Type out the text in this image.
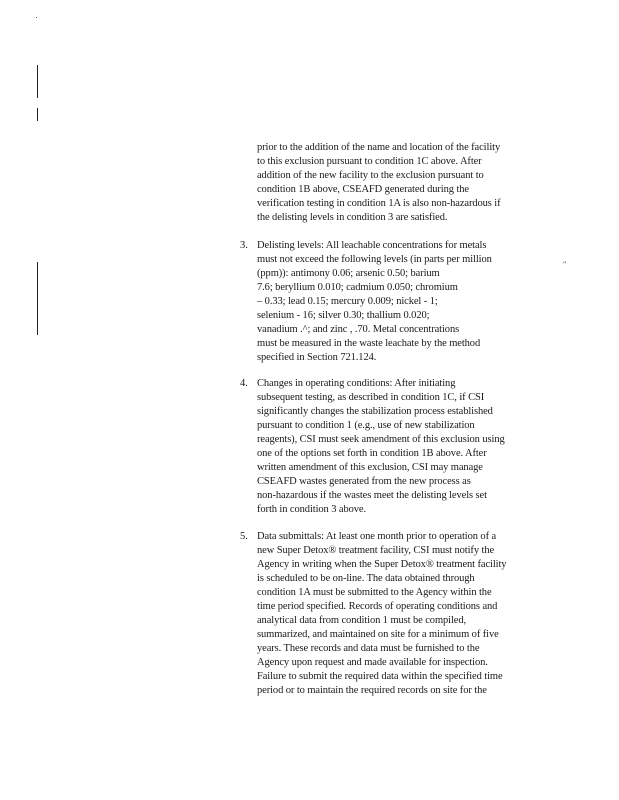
"
prior to the addition of the name and location of the facility
to this exclusion pursuant to condition 1C above. After
addition of the new facility to the exclusion pursuant to
condition 1B above, CSEAFD generated during the
verification testing in condition 1A is also non-hazardous if
the delisting levels in condition 3 are satisfied.
3. Delisting levels: All leachable concentrations for metals
must not exceed the following levels (in parts per million
(ppm)): antimony 0.06; arsenic 0.50; barium
7.6; beryllium 0.010; cadmium 0.050; chromium
– 0.33; lead 0.15; mercury 0.009; nickel - 1;
selenium - 16; silver 0.30; thallium 0.020;
vanadium .^; and zinc , .70. Metal concentrations
must be measured in the waste leachate by the method
specified in Section 721.124.
4. Changes in operating conditions: After initiating
subsequent testing, as described in condition 1C, if CSI
significantly changes the stabilization process established
pursuant to condition 1 (e.g., use of new stabilization
reagents), CSI must seek amendment of this exclusion using
one of the options set forth in condition 1B above. After
written amendment of this exclusion, CSI may manage
CSEAFD wastes generated from the new process as
non-hazardous if the wastes meet the delisting levels set
forth in condition 3 above.
5. Data submittals: At least one month prior to operation of a
new Super Detox® treatment facility, CSI must notify the
Agency in writing when the Super Detox® treatment facility
is scheduled to be on-line. The data obtained through
condition 1A must be submitted to the Agency within the
time period specified. Records of operating conditions and
analytical data from condition 1 must be compiled,
summarized, and maintained on site for a minimum of five
years. These records and data must be furnished to the
Agency upon request and made available for inspection.
Failure to submit the required data within the specified time
period or to maintain the required records on site for the
